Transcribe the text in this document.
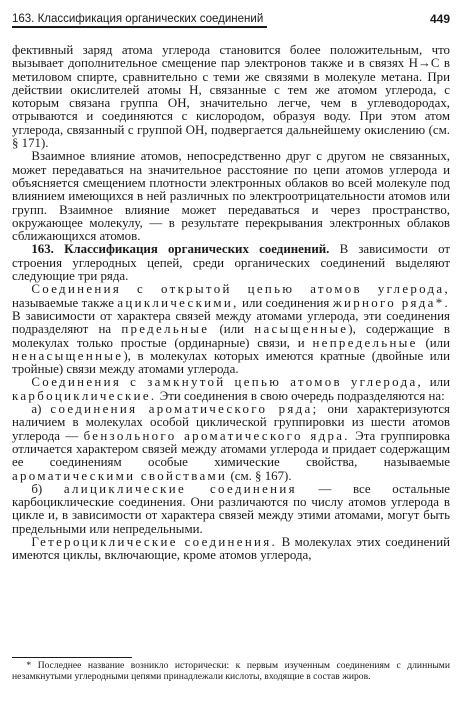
163. Классификация органических соединений	449

фективный заряд атома углерода становится более положительным, что вызывает дополнительное смещение пар электронов также и в связях H→C в метиловом спирте, сравнительно с теми же связями в молекуле метана. При действии окислителей атомы H, связанные с тем же атомом углерода, с которым связана группа OH, значительно легче, чем в углеводородах, отрываются и соединяются с кислородом, образуя воду. При этом атом углерода, связанный с группой OH, подвергается дальнейшему окислению (см. § 171).

Взаимное влияние атомов, непосредственно друг с другом не связанных, может передаваться на значительное расстояние по цепи атомов углерода и объясняется смещением плотности электронных облаков во всей молекуле под влиянием имеющихся в ней различных по электроотрицательности атомов или групп. Взаимное влияние может передаваться и через пространство, окружающее молекулу, — в результате перекрывания электронных облаков сближающихся атомов.

163. Классификация органических соединений. В зависимости от строения углеродных цепей, среди органических соединений выделяют следующие три ряда.

Соединения с открытой цепью атомов углерода, называемые также ациклическими, или соединения жирного ряда*. В зависимости от характера связей между атомами углерода, эти соединения подразделяют на предельные (или насыщенные), содержащие в молекулах только простые (ординарные) связи, и непредельные (или ненасыщенные), в молекулах которых имеются кратные (двойные или тройные) связи между атомами углерода.

Соединения с замкнутой цепью атомов углерода, или карбоциклические. Эти соединения в свою очередь подразделяются на:

а) соединения ароматического ряда; они характеризуются наличием в молекулах особой циклической группировки из шести атомов углерода — бензольного ароматического ядра. Эта группировка отличается характером связей между атомами углерода и придает содержащим ее соединениям особые химические свойства, называемые ароматическими свойствами (см. § 167).

б) алициклические соединения — все остальные карбоциклические соединения. Они различаются по числу атомов углерода в цикле и, в зависимости от характера связей между этими атомами, могут быть предельными или непредельными.

Гетероциклические соединения. В молекулах этих соединений имеются циклы, включающие, кроме атомов углерода,

* Последнее название возникло исторически: к первым изученным соединениям с длинными незамкнутыми углеродными цепями принадлежали кислоты, входящие в состав жиров.
